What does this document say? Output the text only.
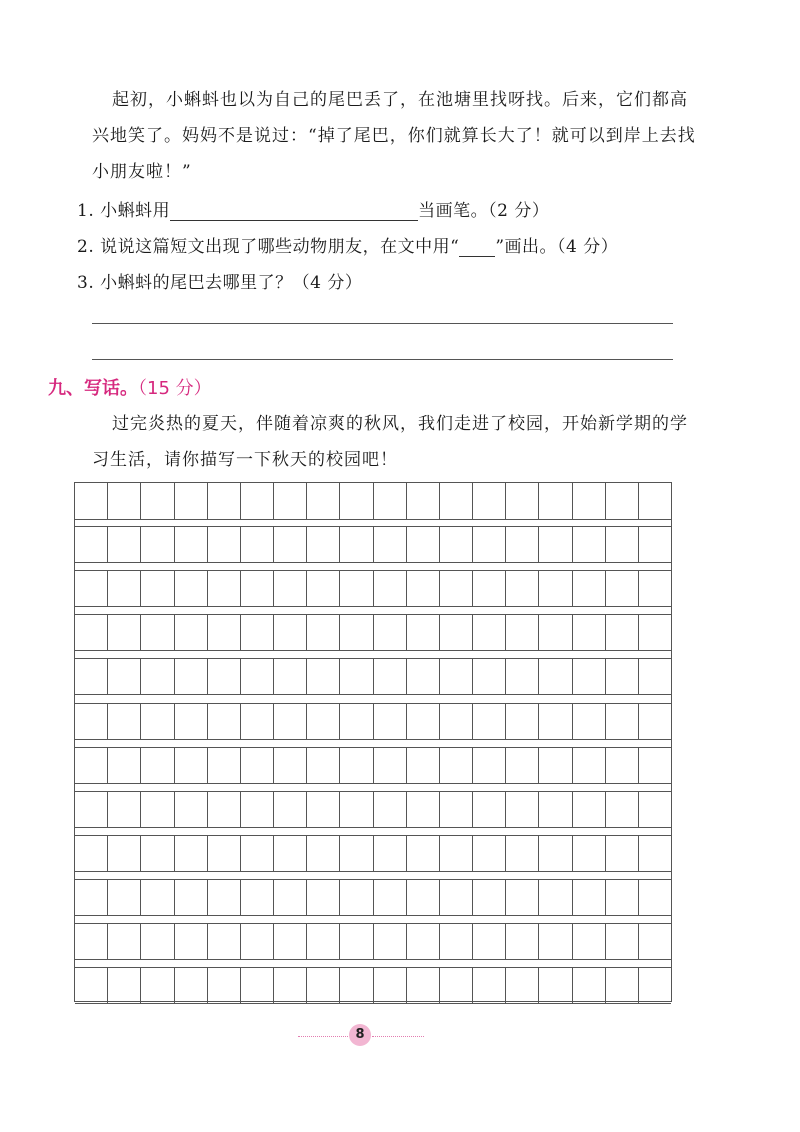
起初，小蝌蚪也以为自己的尾巴丢了，在池塘里找呀找。后来，它们都高
兴地笑了。妈妈不是说过：“掉了尾巴，你们就算长大了！就可以到岸上去找
小朋友啦！”
1. 小蝌蚪用	当画笔。（2 分）
2. 说说这篇短文出现了哪些动物朋友，在文中用“ ”画出。（4 分）
3. 小蝌蚪的尾巴去哪里了？（4 分）
九、写话。（15 分）
过完炎热的夏天，伴随着凉爽的秋风，我们走进了校园，开始新学期的学
习生活，请你描写一下秋天的校园吧！
8
